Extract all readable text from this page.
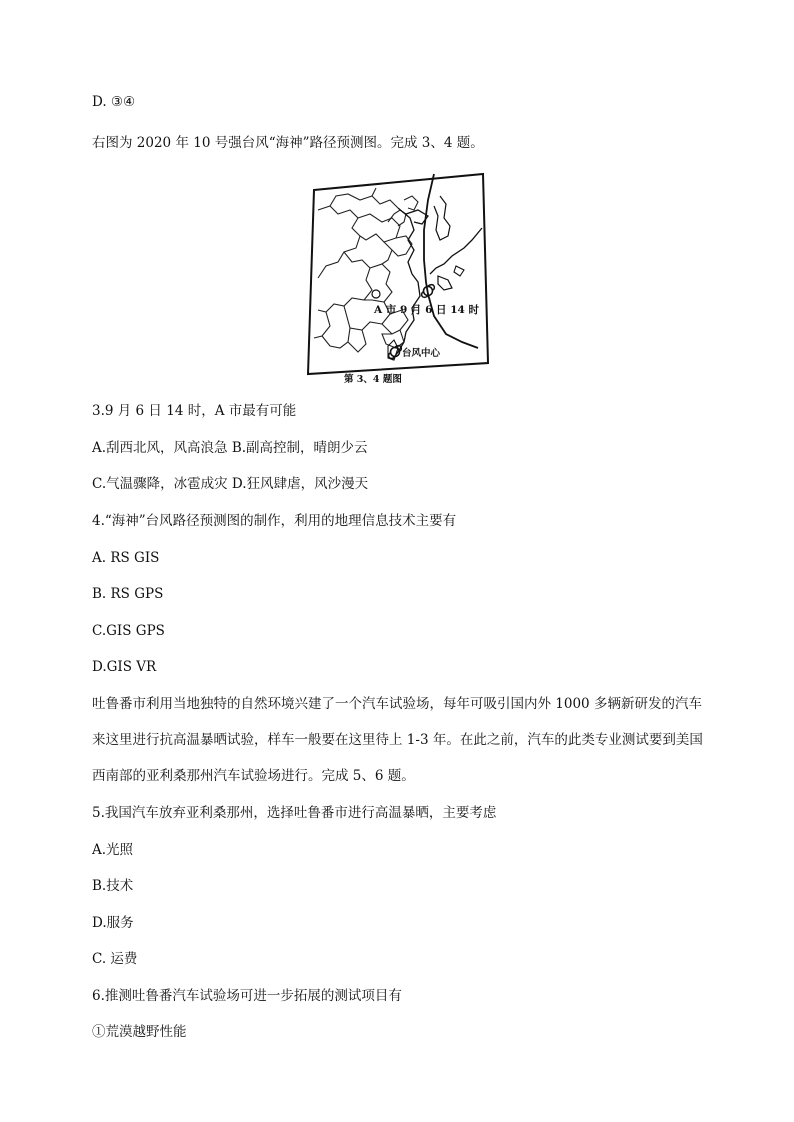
D. ③④
右图为 2020 年 10 号强台风“海神”路径预测图。完成 3、4 题。
A 市 9 月 6 日 14 时
台风中心
第 3、4 题图
3.9 月 6 日 14 时，A 市最有可能
A.刮西北风，风高浪急 B.副高控制，晴朗少云
C.气温骤降，冰雹成灾 D.狂风肆虐，风沙漫天
4.“海神”台风路径预测图的制作，利用的地理信息技术主要有
A. RS GIS
B. RS GPS
C.GIS GPS
D.GIS VR
吐鲁番市利用当地独特的自然环境兴建了一个汽车试验场，每年可吸引国内外 1000 多辆新研发的汽车来这里进行抗高温暴晒试验，样车一般要在这里待上 1-3 年。在此之前，汽车的此类专业测试要到美国西南部的亚利桑那州汽车试验场进行。完成 5、6 题。
5.我国汽车放弃亚利桑那州，选择吐鲁番市进行高温暴晒，主要考虑
A.光照
B.技术
D.服务
C. 运费
6.推测吐鲁番汽车试验场可进一步拓展的测试项目有
①荒漠越野性能
